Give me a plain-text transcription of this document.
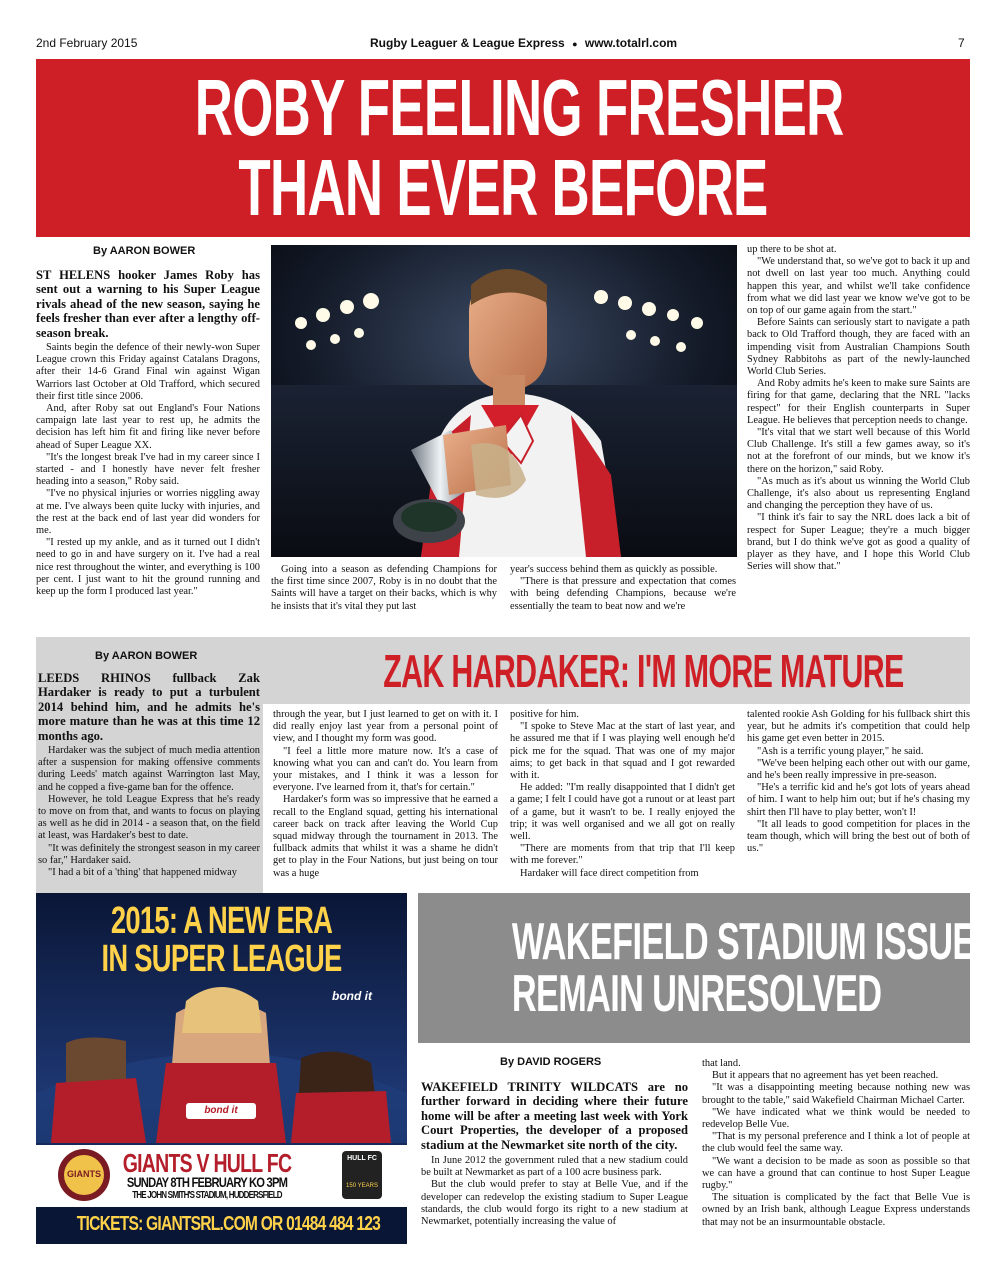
2nd February 2015	Rugby Leaguer & League Express ● www.totalrl.com	7
ROBY FEELING FRESHER
THAN EVER BEFORE
By AARON BOWER

ST HELENS hooker James Roby has sent out a warning to his Super League rivals ahead of the new season, saying he feels fresher than ever after a lengthy off-season break.

Saints begin the defence of their newly-won Super League crown this Friday against Catalans Dragons, after their 14-6 Grand Final win against Wigan Warriors last October at Old Trafford, which secured their first title since 2006.

And, after Roby sat out England's Four Nations campaign late last year to rest up, he admits the decision has left him fit and firing like never before ahead of Super League XX.

"It's the longest break I've had in my career since I started - and I honestly have never felt fresher heading into a season," Roby said.

"I've no physical injuries or worries niggling away at me. I've always been quite lucky with injuries, and the rest at the back end of last year did wonders for me.

"I rested up my ankle, and as it turned out I didn't need to go in and have surgery on it. I've had a real nice rest throughout the winter, and everything is 100 per cent. I just want to hit the ground running and keep up the form I produced last year."

Going into a season as defending Champions for the first time since 2007, Roby is in no doubt that the Saints will have a target on their backs, which is why he insists that it's vital they put last

year's success behind them as quickly as possible.

"There is that pressure and expectation that comes with being defending Champions, because we're essentially the team to beat now and we're

up there to be shot at.

"We understand that, so we've got to back it up and not dwell on last year too much. Anything could happen this year, and whilst we'll take confidence from what we did last year we know we've got to be on top of our game again from the start."

Before Saints can seriously start to navigate a path back to Old Trafford though, they are faced with an impending visit from Australian Champions South Sydney Rabbitohs as part of the newly-launched World Club Series.

And Roby admits he's keen to make sure Saints are firing for that game, declaring that the NRL "lacks respect" for their English counterparts in Super League. He believes that perception needs to change.

"It's vital that we start well because of this World Club Challenge. It's still a few games away, so it's not at the forefront of our minds, but we know it's there on the horizon," said Roby.

"As much as it's about us winning the World Club Challenge, it's also about us representing England and changing the perception they have of us.

"I think it's fair to say the NRL does lack a bit of respect for Super League; they're a much bigger brand, but I do think we've got as good a quality of player as they have, and I hope this World Club Series will show that."

ZAK HARDAKER: I'M MORE MATURE
By AARON BOWER

LEEDS RHINOS fullback Zak Hardaker is ready to put a turbulent 2014 behind him, and he admits he's more mature than he was at this time 12 months ago.

Hardaker was the subject of much media attention after a suspension for making offensive comments during Leeds' match against Warrington last May, and he copped a five-game ban for the offence.

However, he told League Express that he's ready to move on from that, and wants to focus on playing as well as he did in 2014 - a season that, on the field at least, was Hardaker's best to date.

"It was definitely the strongest season in my career so far," Hardaker said.

"I had a bit of a 'thing' that happened midway

through the year, but I just learned to get on with it. I did really enjoy last year from a personal point of view, and I thought my form was good.

"I feel a little more mature now. It's a case of knowing what you can and can't do. You learn from your mistakes, and I think it was a lesson for everyone. I've learned from it, that's for certain."

Hardaker's form was so impressive that he earned a recall to the England squad, getting his international career back on track after leaving the World Cup squad midway through the tournament in 2013. The fullback admits that whilst it was a shame he didn't get to play in the Four Nations, but just being on tour was a huge

positive for him.

"I spoke to Steve Mac at the start of last year, and he assured me that if I was playing well enough he'd pick me for the squad. That was one of my major aims; to get back in that squad and I got rewarded with it.

He added: "I'm really disappointed that I didn't get a game; I felt I could have got a runout or at least part of a game, but it wasn't to be. I really enjoyed the trip; it was well organised and we all got on really well.

"There are moments from that trip that I'll keep with me forever."

Hardaker will face direct competition from

talented rookie Ash Golding for his fullback shirt this year, but he admits it's competition that could help his game get even better in 2015.

"Ash is a terrific young player," he said.

"We've been helping each other out with our game, and he's been really impressive in pre-season.

"He's a terrific kid and he's got lots of years ahead of him. I want to help him out; but if he's chasing my shirt then I'll have to play better, won't I!

"It all leads to good competition for places in the team though, which will bring the best out of both of us."

2015: A NEW ERA
IN SUPER LEAGUE
bond it
bond it
GIANTS GIANTS V HULL FC
SUNDAY 8TH FEBRUARY KO 3PM
THE JOHN SMITH'S STADIUM, HUDDERSFIELD
HULL FC
150 YEARS
TICKETS: GIANTSRL.COM OR 01484 484 123
WAKEFIELD STADIUM ISSUES
REMAIN UNRESOLVED
By DAVID ROGERS

WAKEFIELD TRINITY WILDCATS are no further forward in deciding where their future home will be after a meeting last week with York Court Properties, the developer of a proposed stadium at the Newmarket site north of the city.

In June 2012 the government ruled that a new stadium could be built at Newmarket as part of a 100 acre business park.

But the club would prefer to stay at Belle Vue, and if the developer can redevelop the existing stadium to Super League standards, the club would forgo its right to a new stadium at Newmarket, potentially increasing the value of

that land.

But it appears that no agreement has yet been reached.

"It was a disappointing meeting because nothing new was brought to the table," said Wakefield Chairman Michael Carter.

"We have indicated what we think would be needed to redevelop Belle Vue.

"That is my personal preference and I think a lot of people at the club would feel the same way.

"We want a decision to be made as soon as possible so that we can have a ground that can continue to host Super League rugby."

The situation is complicated by the fact that Belle Vue is owned by an Irish bank, although League Express understands that may not be an insurmountable obstacle.
